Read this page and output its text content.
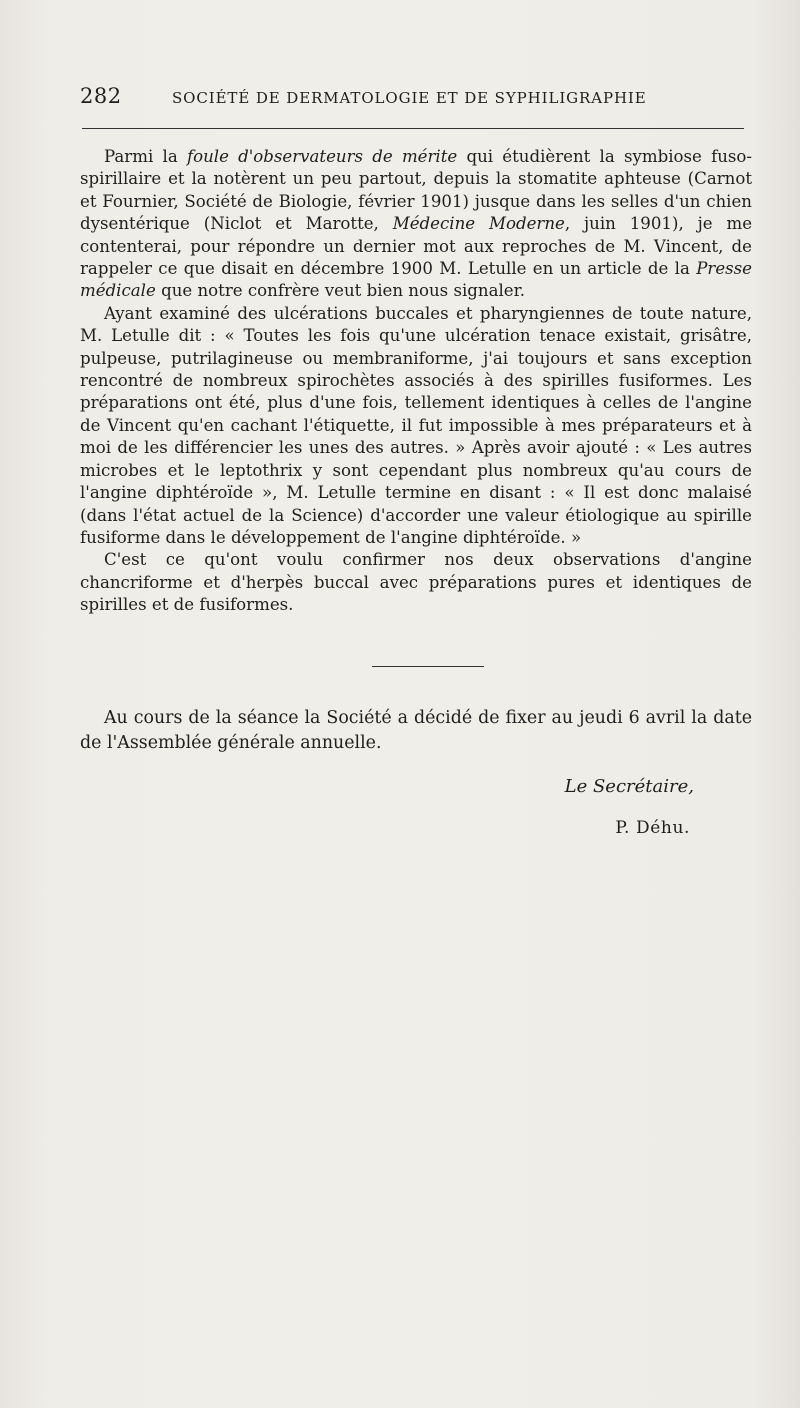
282	SOCIÉTÉ DE DERMATOLOGIE ET DE SYPHILIGRAPHIE

Parmi la foule d'observateurs de mérite qui étudièrent la symbiose fuso-spirillaire et la notèrent un peu partout, depuis la stomatite aphteuse (Carnot et Fournier, Société de Biologie, février 1901) jusque dans les selles d'un chien dysentérique (Niclot et Marotte, Médecine Moderne, juin 1901), je me contenterai, pour répondre un dernier mot aux reproches de M. Vincent, de rappeler ce que disait en décembre 1900 M. Letulle en un article de la Presse médicale que notre confrère veut bien nous signaler.

Ayant examiné des ulcérations buccales et pharyngiennes de toute nature, M. Letulle dit : « Toutes les fois qu'une ulcération tenace existait, grisâtre, pulpeuse, putrilagineuse ou membraniforme, j'ai toujours et sans exception rencontré de nombreux spirochètes associés à des spirilles fusiformes. Les préparations ont été, plus d'une fois, tellement identiques à celles de l'angine de Vincent qu'en cachant l'étiquette, il fut impossible à mes préparateurs et à moi de les différencier les unes des autres. » Après avoir ajouté : « Les autres microbes et le leptothrix y sont cependant plus nombreux qu'au cours de l'angine diphtéroïde », M. Letulle termine en disant : « Il est donc malaisé (dans l'état actuel de la Science) d'accorder une valeur étiologique au spirille fusiforme dans le développement de l'angine diphtéroïde. »

C'est ce qu'ont voulu confirmer nos deux observations d'angine chancriforme et d'herpès buccal avec préparations pures et identiques de spirilles et de fusiformes.

Au cours de la séance la Société a décidé de fixer au jeudi 6 avril la date de l'Assemblée générale annuelle.

Le Secrétaire,
P. Déhu.
